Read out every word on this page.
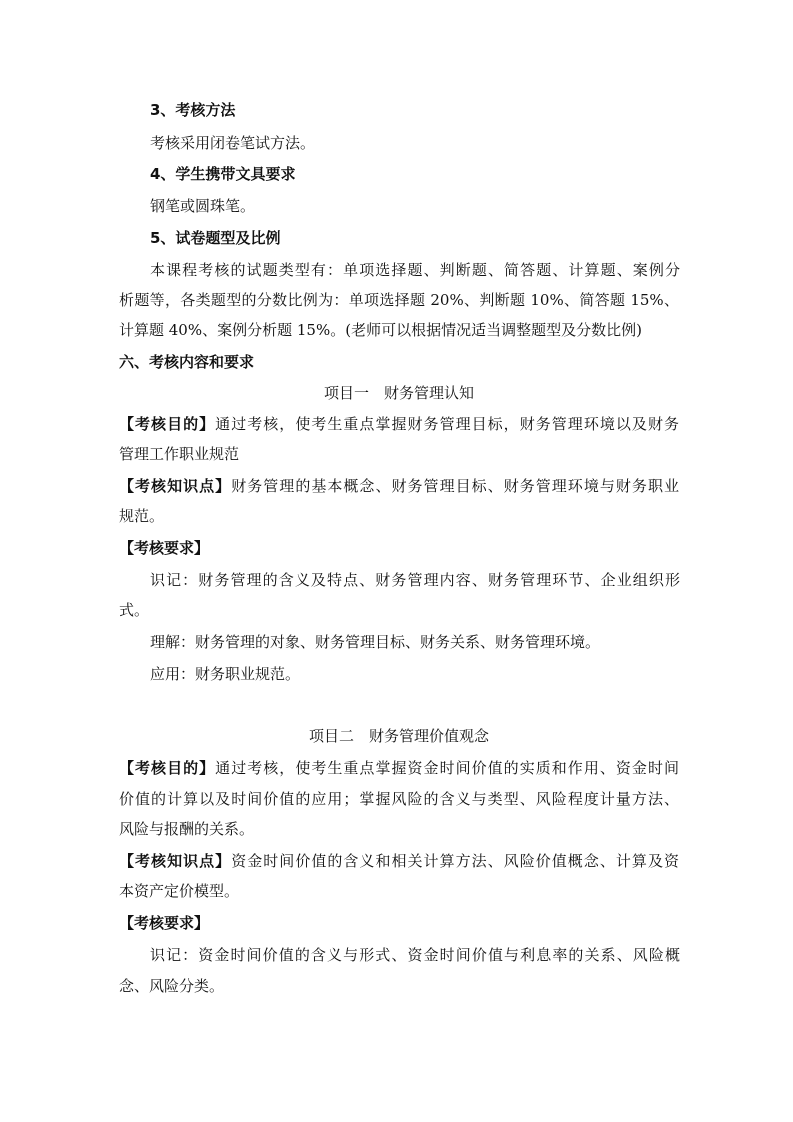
3、考核方法
考核采用闭卷笔试方法。
4、学生携带文具要求
钢笔或圆珠笔。
5、试卷题型及比例
本课程考核的试题类型有：单项选择题、判断题、简答题、计算题、案例分
析题等，各类题型的分数比例为：单项选择题 20%、判断题 10%、简答题 15%、
计算题 40%、案例分析题 15%。(老师可以根据情况适当调整题型及分数比例)
六、考核内容和要求
项目一　财务管理认知
【考核目的】通过考核，使考生重点掌握财务管理目标，财务管理环境以及财务
管理工作职业规范
【考核知识点】财务管理的基本概念、财务管理目标、财务管理环境与财务职业
规范。
【考核要求】
识记：财务管理的含义及特点、财务管理内容、财务管理环节、企业组织形
式。
理解：财务管理的对象、财务管理目标、财务关系、财务管理环境。
应用：财务职业规范。
项目二　财务管理价值观念
【考核目的】通过考核，使考生重点掌握资金时间价值的实质和作用、资金时间
价值的计算以及时间价值的应用；掌握风险的含义与类型、风险程度计量方法、
风险与报酬的关系。
【考核知识点】资金时间价值的含义和相关计算方法、风险价值概念、计算及资
本资产定价模型。
【考核要求】
识记：资金时间价值的含义与形式、资金时间价值与利息率的关系、风险概
念、风险分类。
